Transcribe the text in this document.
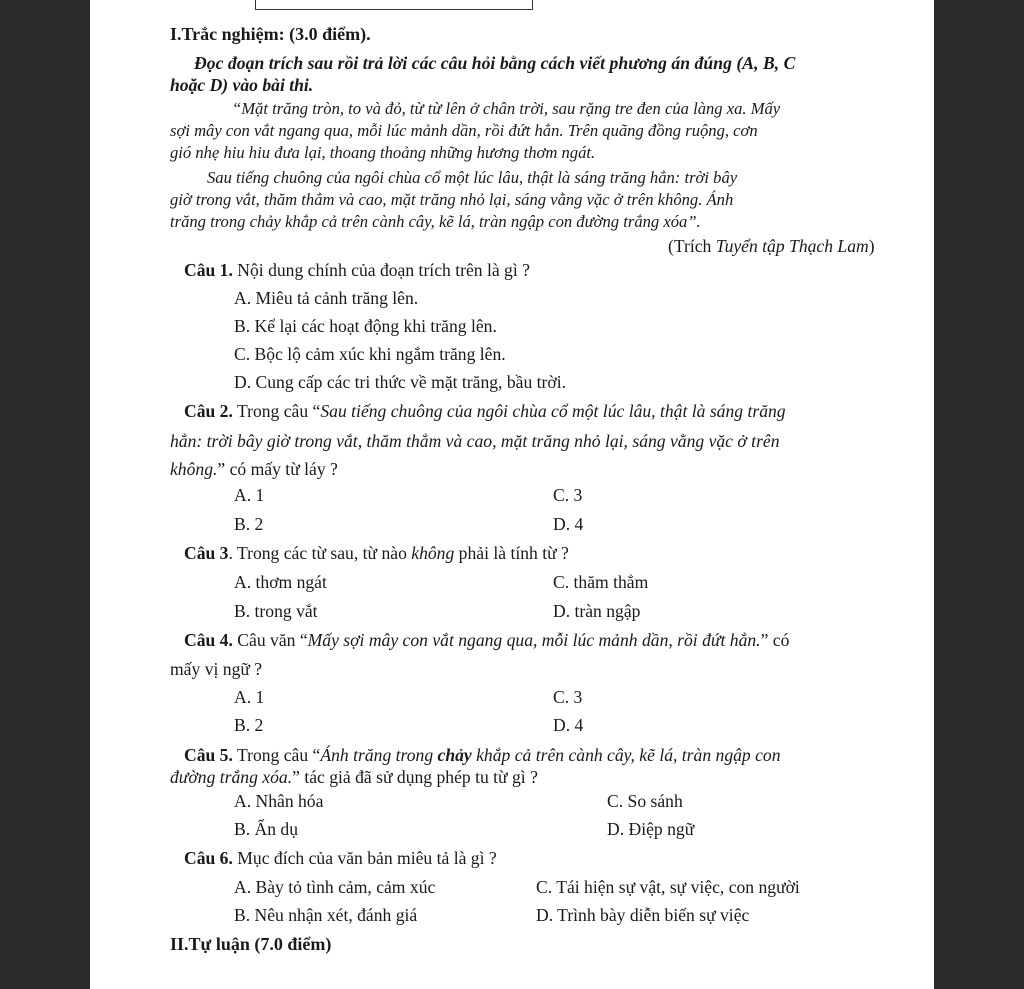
I.Trắc nghiệm: (3.0 điểm).
Đọc đoạn trích sau rồi trả lời các câu hỏi bằng cách viết phương án đúng (A, B, C
hoặc D) vào bài thi.
“Mặt trăng tròn, to và đỏ, từ từ lên ở chân trời, sau rặng tre đen của làng xa. Mấy
sợi mây con vắt ngang qua, mỗi lúc mảnh dần, rồi đứt hẳn. Trên quãng đồng ruộng, cơn
gió nhẹ hiu hiu đưa lại, thoang thoảng những hương thơm ngát.
Sau tiếng chuông của ngôi chùa cổ một lúc lâu, thật là sáng trăng hẳn: trời bây
giờ trong vắt, thăm thẳm và cao, mặt trăng nhỏ lại, sáng vằng vặc ở trên không. Ánh
trăng trong chảy khắp cả trên cành cây, kẽ lá, tràn ngập con đường trắng xóa”.
(Trích Tuyển tập Thạch Lam)
Câu 1. Nội dung chính của đoạn trích trên là gì ?
A. Miêu tả cảnh trăng lên.
B. Kể lại các hoạt động khi trăng lên.
C. Bộc lộ cảm xúc khi ngắm trăng lên.
D. Cung cấp các tri thức về mặt trăng, bầu trời.
Câu 2. Trong câu “Sau tiếng chuông của ngôi chùa cổ một lúc lâu, thật là sáng trăng
hẳn: trời bây giờ trong vắt, thăm thẳm và cao, mặt trăng nhỏ lại, sáng vằng vặc ở trên
không.” có mấy từ láy ?
A. 1	C. 3
B. 2	D. 4
Câu 3. Trong các từ sau, từ nào không phải là tính từ ?
A. thơm ngát	C. thăm thẳm
B. trong vắt	D. tràn ngập
Câu 4. Câu văn “Mấy sợi mây con vắt ngang qua, mỗi lúc mảnh dần, rồi đứt hẳn.” có
mấy vị ngữ ?
A. 1	C. 3
B. 2	D. 4
Câu 5. Trong câu “Ánh trăng trong chảy khắp cả trên cành cây, kẽ lá, tràn ngập con
đường trắng xóa.” tác giả đã sử dụng phép tu từ gì ?
A. Nhân hóa	C. So sánh
B. Ẩn dụ	D. Điệp ngữ
Câu 6. Mục đích của văn bản miêu tả là gì ?
A. Bày tỏ tình cảm, cảm xúc	C. Tái hiện sự vật, sự việc, con người
B. Nêu nhận xét, đánh giá	D. Trình bày diễn biến sự việc
II.Tự luận (7.0 điểm)
